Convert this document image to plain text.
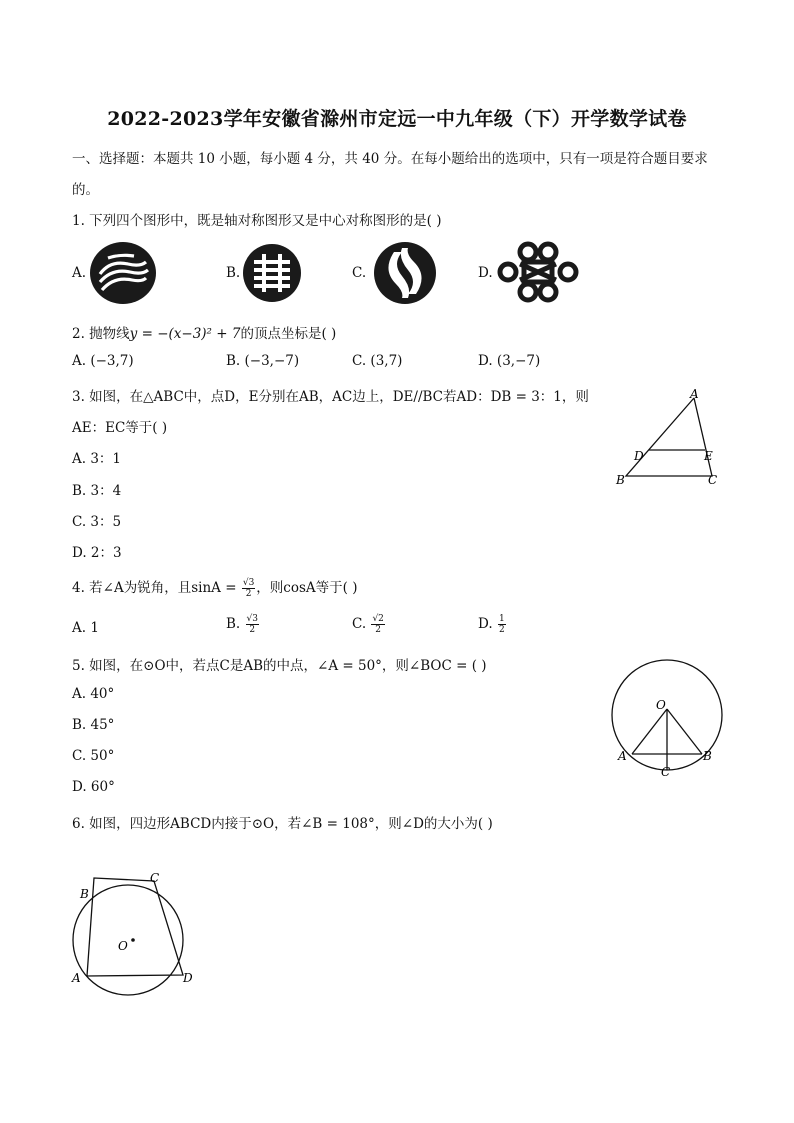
2022-2023学年安徽省滁州市定远一中九年级（下）开学数学试卷
一、选择题：本题共 10 小题，每小题 4 分，共 40 分。在每小题给出的选项中，只有一项是符合题目要求
的。
1. 下列四个图形中，既是轴对称图形又是中心对称图形的是( )
A.	B.	C.	D.
2. 抛物线y = −(x−3)² + 7的顶点坐标是( )
A. (−3,7)	B. (−3,−7)	C. (3,7)	D. (3,−7)
3. 如图，在△ABC中，点D，E分别在AB，AC边上，DE//BC若AD：DB = 3：1，则
AE：EC等于( )
A. 3：1
B. 3：4
C. 3：5
D. 2：3
A
B	C
D	E
4. 若∠A为锐角，且$\sin A = \frac{√3}{2}$ ，则cosA等于( )
A. 1	B. $\frac{√3}{2}$	C. $\frac{√2}{2}$	D. $\frac{1}{2}$
5. 如图，在⊙O中，若点C是AB的中点，∠A = 50°，则∠BOC = ( )
A. 40°
B. 45°
C. 50°
D. 60°
O
A	B
C
6. 如图，四边形ABCD内接于⊙O，若∠B = 108°，则∠D的大小为( )
B
C
A	D
O
